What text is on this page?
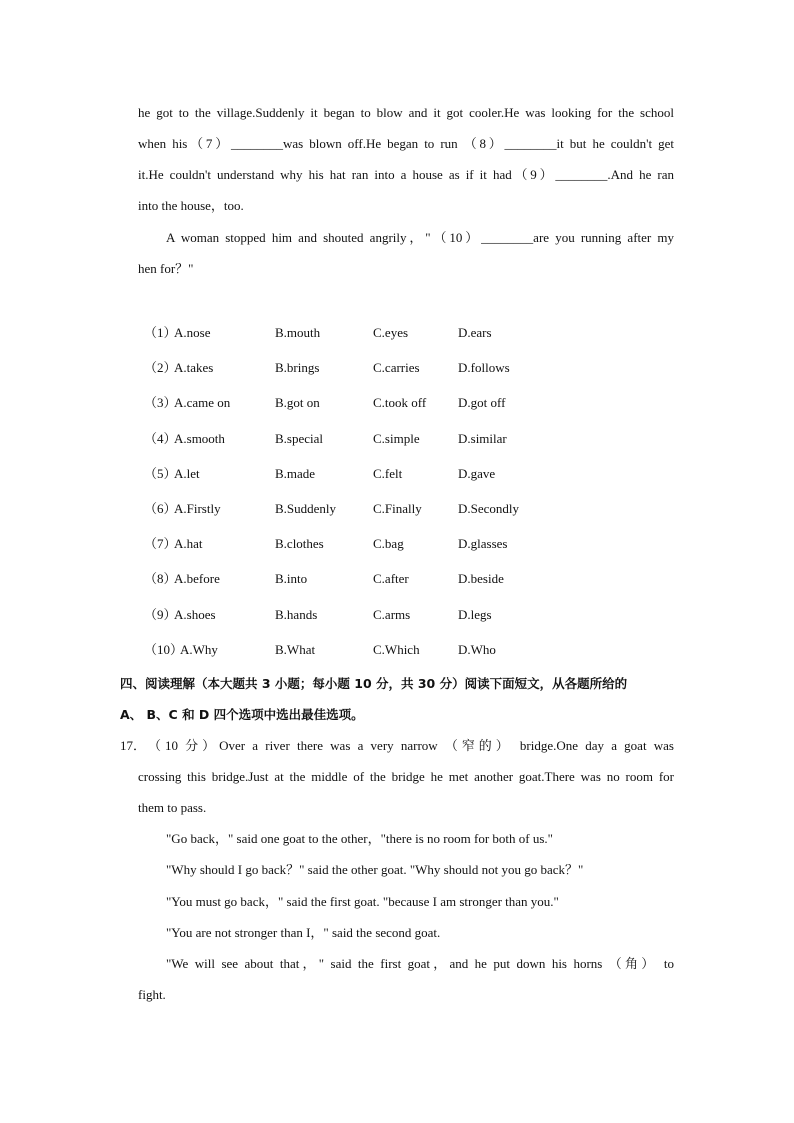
he got to the village.Suddenly it began to blow and it got cooler.He was looking for the school
when his（7）________was blown off.He began to run （8）________it but he couldn't get
it.He couldn't understand why his hat ran into a house as if it had（9）________.And he ran
into the house，too.
A woman stopped him and shouted angrily，"（10）________are you running after my
hen for？"
（1）
A.nose	B.mouth	C.eyes	D.ears
（2）
A.takes	B.brings	C.carries	D.follows
（3）
A.came on	B.got on	C.took off D.got off
（4）
A.smooth	B.special	C.simple	D.similar
（5）
A.let	B.made	C.felt	D.gave
（6）
A.Firstly	B.Suddenly	C.Finally	D.Secondly
（7）
A.hat	B.clothes	C.bag	D.glasses
（8）
A.before	B.into	C.after	D.beside
（9）
A.shoes	B.hands	C.arms	D.legs
（10）
A.Why	B.What	C.Which	D.Who
四、阅读理解（本大题共 3 小题；每小题 10 分，共 30 分）阅读下面短文，从各题所给的
A、 B、C 和 D 四个选项中选出最佳选项。
17． （10 分）Over a river there was a very narrow （窄的） bridge.One day a goat was
crossing this bridge.Just at the middle of the bridge he met another goat.There was no room for
them to pass.
"Go back，" said one goat to the other，"there is no room for both of us."
"Why should I go back？" said the other goat. "Why should not you go back？"
"You must go back，" said the first goat. "because I am stronger than you."
"You are not stronger than I，" said the second goat.
"We will see about that，" said the first goat，and he put down his horns （角） to
fight.
